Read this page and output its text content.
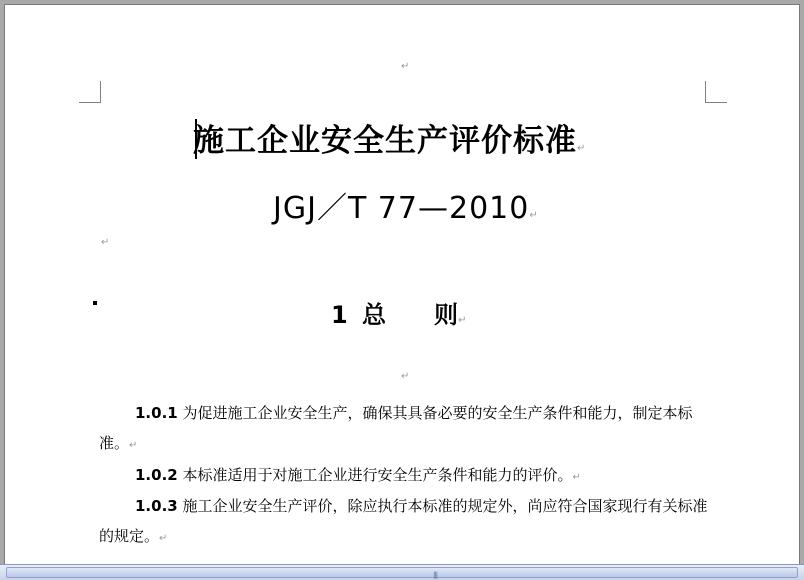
↵
施工企业安全生产评价标准↵
JGJ／T 77—2010↵
↵
1 总　　则↵
↵

1.0.1 为促进施工企业安全生产，确保其具备必要的安全生产条件和能力，制定本标准。↵

1.0.2 本标准适用于对施工企业进行安全生产条件和能力的评价。↵

1.0.3 施工企业安全生产评价，除应执行本标准的规定外，尚应符合国家现行有关标准的规定。↵

|||
